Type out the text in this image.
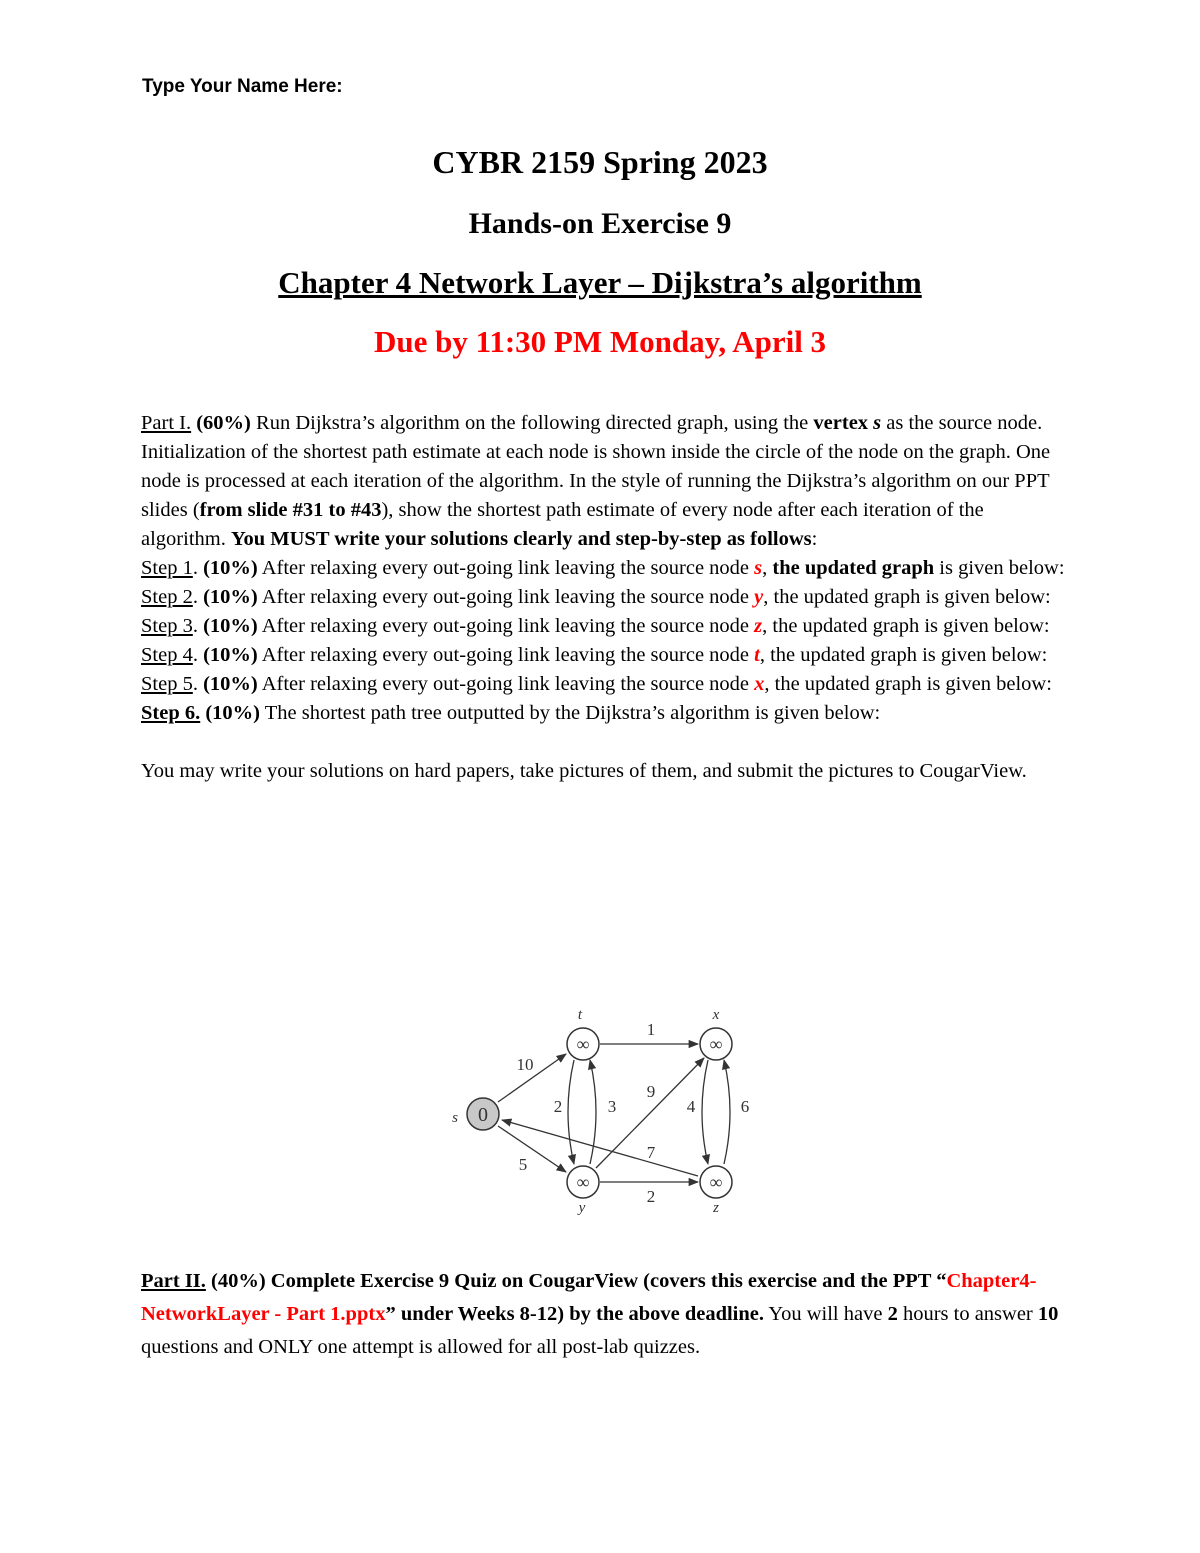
Type Your Name Here:
CYBR 2159 Spring 2023
Hands-on Exercise 9
Chapter 4 Network Layer – Dijkstra’s algorithm
Due by 11:30 PM Monday, April 3
Part I. (60%) Run Dijkstra’s algorithm on the following directed graph, using the vertex s as the source node. Initialization of the shortest path estimate at each node is shown inside the circle of the node on the graph. One node is processed at each iteration of the algorithm. In the style of running the Dijkstra’s algorithm on our PPT slides (from slide #31 to #43), show the shortest path estimate of every node after each iteration of the algorithm. You MUST write your solutions clearly and step-by-step as follows:
Step 1. (10%) After relaxing every out-going link leaving the source node s, the updated graph is given below:
Step 2. (10%) After relaxing every out-going link leaving the source node y, the updated graph is given below:
Step 3. (10%) After relaxing every out-going link leaving the source node z, the updated graph is given below:
Step 4. (10%) After relaxing every out-going link leaving the source node t, the updated graph is given below:
Step 5. (10%) After relaxing every out-going link leaving the source node x, the updated graph is given below:
Step 6. (10%) The shortest path tree outputted by the Dijkstra’s algorithm is given below:
You may write your solutions on hard papers, take pictures of them, and submit the pictures to CougarView.
0
s
∞
t
∞
x
∞
y
∞
z
10
5
1
2	3
9
2
6
4
7
Part II. (40%) Complete Exercise 9 Quiz on CougarView (covers this exercise and the PPT “Chapter4-NetworkLayer - Part 1.pptx” under Weeks 8-12) by the above deadline. You will have 2 hours to answer 10 questions and ONLY one attempt is allowed for all post-lab quizzes.
